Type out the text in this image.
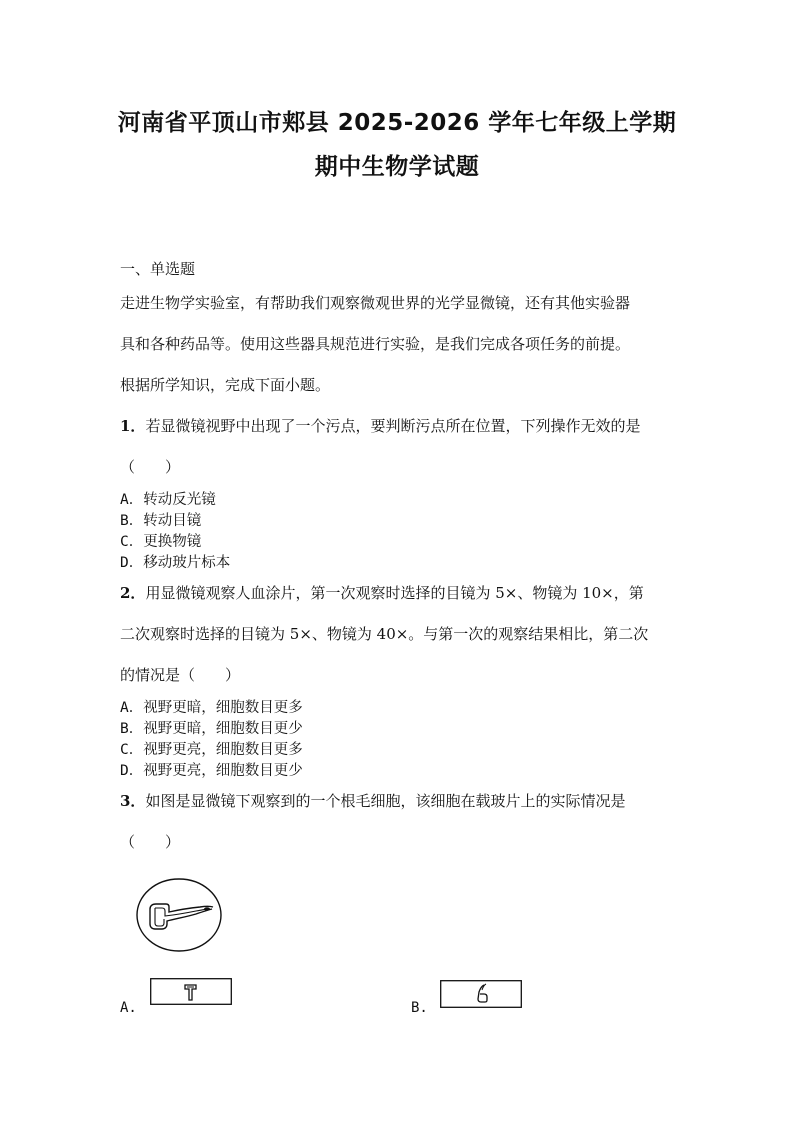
河南省平顶山市郏县 2025-2026 学年七年级上学期
期中生物学试题
一、单选题
走进生物学实验室，有帮助我们观察微观世界的光学显微镜，还有其他实验器
具和各种药品等。使用这些器具规范进行实验，是我们完成各项任务的前提。
根据所学知识，完成下面小题。
1．若显微镜视野中出现了一个污点，要判断污点所在位置，下列操作无效的是
（　　）
A．转动反光镜
B．转动目镜
C．更换物镜
D．移动玻片标本
2．用显微镜观察人血涂片，第一次观察时选择的目镜为 5×、物镜为 10×，第
二次观察时选择的目镜为 5×、物镜为 40×。与第一次的观察结果相比，第二次
的情况是（　　）
A．视野更暗，细胞数目更多
B．视野更暗，细胞数目更少
C．视野更亮，细胞数目更多
D．视野更亮，细胞数目更少
3．如图是显微镜下观察到的一个根毛细胞，该细胞在载玻片上的实际情况是
（　　）
A.	B.
